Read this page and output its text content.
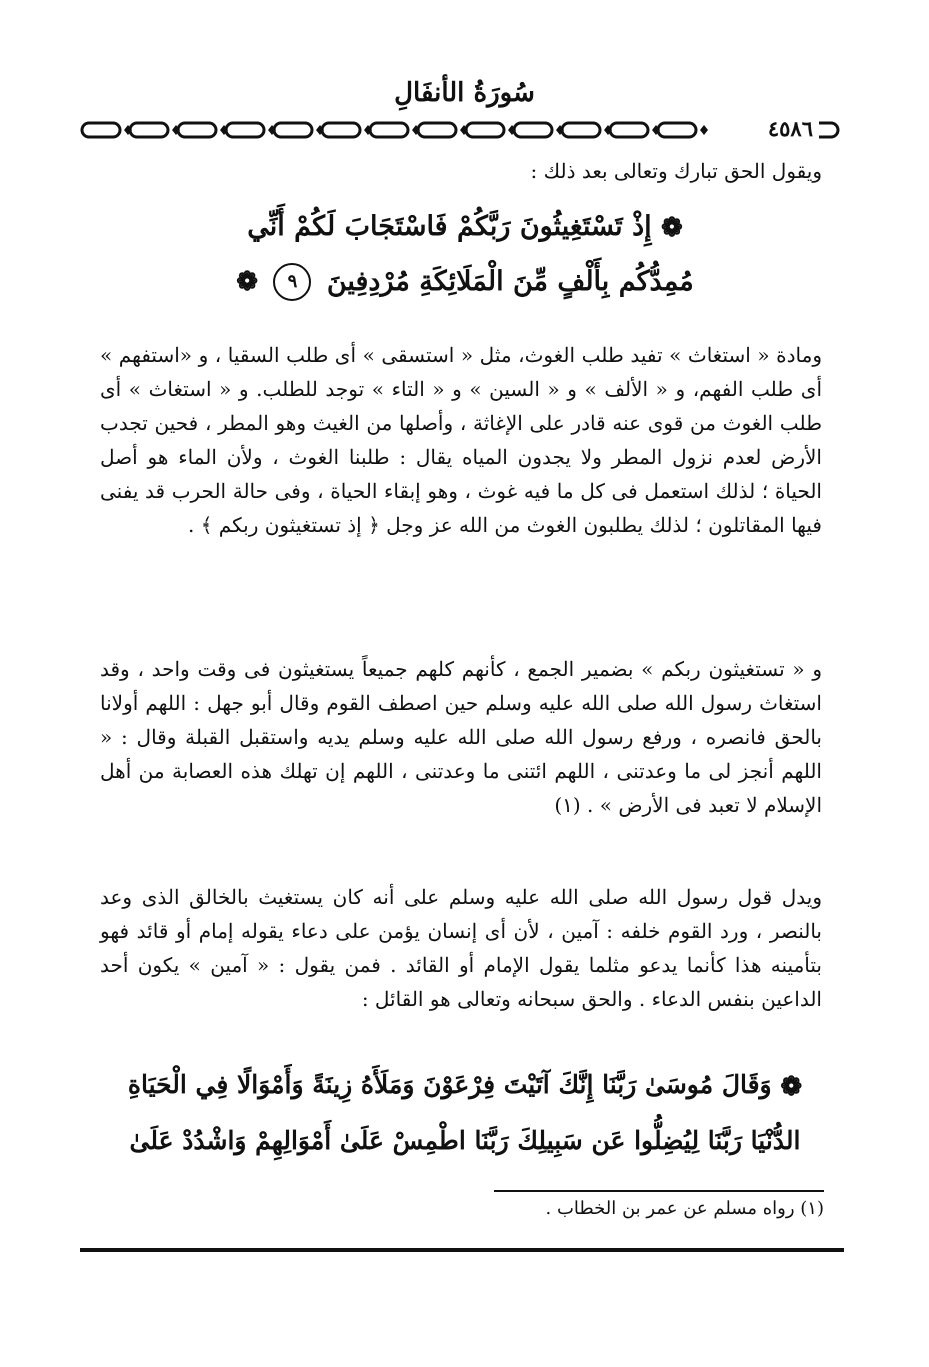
سُورَةُ الأنفَالِ
٤٥٨٦
ويقول الحق تبارك وتعالى بعد ذلك :
❁ إِذْ تَسْتَغِيثُونَ رَبَّكُمْ فَاسْتَجَابَ لَكُمْ أَنِّي
مُمِدُّكُم بِأَلْفٍ مِّنَ الْمَلَائِكَةِ مُرْدِفِينَ ٩ ❁

ومادة « استغاث » تفيد طلب الغوث، مثل « استسقى » أى طلب السقيا ، و «استفهم » أى طلب الفهم، و « الألف » و « السين » و « التاء » توجد للطلب. و « استغاث » أى طلب الغوث من قوى عنه قادر على الإغاثة ، وأصلها من الغيث وهو المطر ، فحين تجدب الأرض لعدم نزول المطر ولا يجدون المياه يقال : طلبنا الغوث ، ولأن الماء هو أصل الحياة ؛ لذلك استعمل فى كل ما فيه غوث ، وهو إبقاء الحياة ، وفى حالة الحرب قد يفنى فيها المقاتلون ؛ لذلك يطلبون الغوث من الله عز وجل ﴿ إذ تستغيثون ربكم ﴾ .

و « تستغيثون ربكم » بضمير الجمع ، كأنهم كلهم جميعاً يستغيثون فى وقت واحد ، وقد استغاث رسول الله صلى الله عليه وسلم حين اصطف القوم وقال أبو جهل : اللهم أولانا بالحق فانصره ، ورفع رسول الله صلى الله عليه وسلم يديه واستقبل القبلة وقال : « اللهم أنجز لى ما وعدتنى ، اللهم ائتنى ما وعدتنى ، اللهم إن تهلك هذه العصابة من أهل الإسلام لا تعبد فى الأرض » . (١)

ويدل قول رسول الله صلى الله عليه وسلم على أنه كان يستغيث بالخالق الذى وعد بالنصر ، ورد القوم خلفه : آمين ، لأن أى إنسان يؤمن على دعاء يقوله إمام أو قائد فهو بتأمينه هذا كأنما يدعو مثلما يقول الإمام أو القائد . فمن يقول : « آمين » يكون أحد الداعين بنفس الدعاء . والحق سبحانه وتعالى هو القائل :

❁ وَقَالَ مُوسَىٰ رَبَّنَا إِنَّكَ آتَيْتَ فِرْعَوْنَ وَمَلَأَهُ زِينَةً وَأَمْوَالًا فِي الْحَيَاةِ
الدُّنْيَا رَبَّنَا لِيُضِلُّوا عَن سَبِيلِكَ رَبَّنَا اطْمِسْ عَلَىٰ أَمْوَالِهِمْ وَاشْدُدْ عَلَىٰ
(١) رواه مسلم عن عمر بن الخطاب .
